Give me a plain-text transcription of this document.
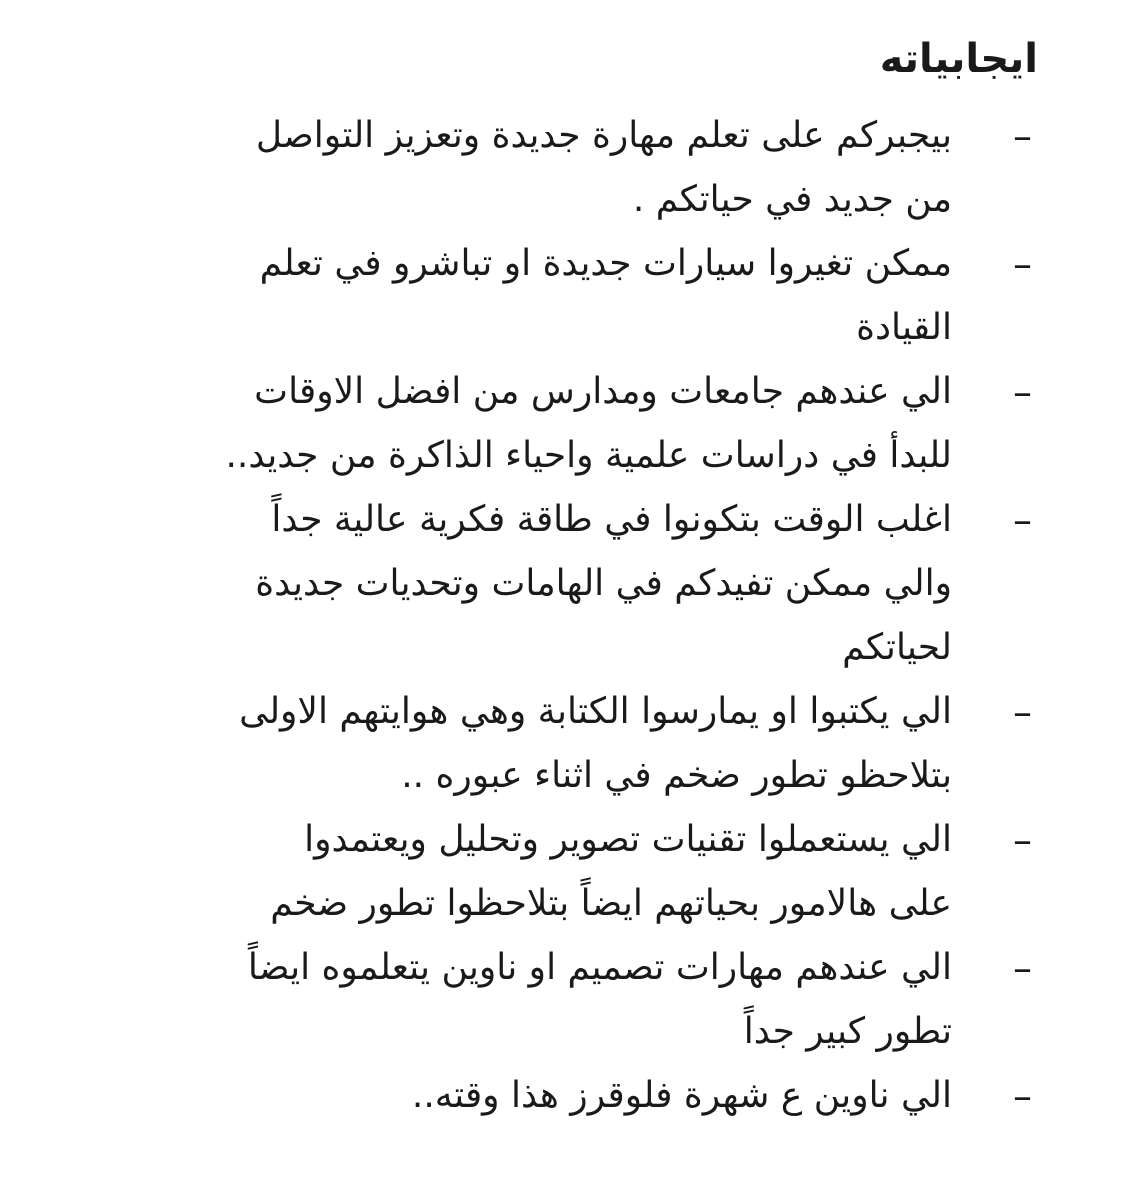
ايجابياته
–
بيجبركم على تعلم مهارة جديدة وتعزيز التواصل
من جديد في حياتكم .
–
ممكن تغيروا سيارات جديدة او تباشرو في تعلم
القيادة
–
الي عندهم جامعات ومدارس من افضل الاوقات
للبدأ في دراسات علمية واحياء الذاكرة من جديد..
–
اغلب الوقت بتكونوا في طاقة فكرية عالية جداً
والي ممكن تفيدكم في الهامات وتحديات جديدة
لحياتكم
–
الي يكتبوا او يمارسوا الكتابة وهي هوايتهم الاولى
بتلاحظو تطور ضخم في اثناء عبوره ..
–
الي يستعملوا تقنيات تصوير وتحليل ويعتمدوا
على هالامور بحياتهم ايضاً بتلاحظوا تطور ضخم
–
الي عندهم مهارات تصميم او ناوين يتعلموه ايضاً
تطور كبير جداً
–
الي ناوين ع شهرة فلوقرز هذا وقته..
